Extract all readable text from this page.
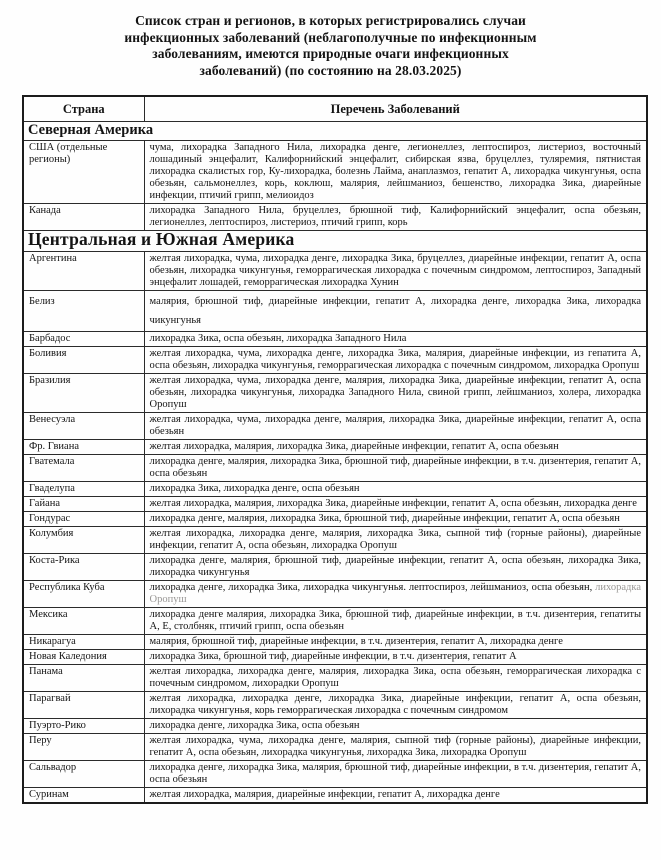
Список стран и регионов, в которых регистрировались случаи
инфекционных заболеваний (неблагополучные по инфекционным
заболеваниям, имеются природные очаги инфекционных
заболеваний) (по состоянию на 28.03.2025)
Страна	Перечень Заболеваний
Северная Америка	
США (отдельные регионы)	чума, лихорадка Западного Нила, лихорадка денге, легионеллез, лептоспироз, листериоз, восточный лошадиный энцефалит, Калифорнийский энцефалит, сибирская язва, бруцеллез, туляремия, пятнистая лихорадка скалистых гор, Ку-лихорадка, болезнь Лайма, анаплазмоз, гепатит А, лихорадка чикунгунья, оспа обезьян, сальмонеллез, корь, коклюш, малярия, лейшманиоз, бешенство, лихорадка Зика, диарейные инфекции, птичий грипп, мелиоидоз
Канада	лихорадка Западного Нила, бруцеллез, брюшной тиф, Калифорнийский энцефалит, оспа обезьян, легионеллез, лептоспироз, листериоз, птичий грипп, корь
Центральная и Южная Америка	
Аргентина	желтая лихорадка, чума, лихорадка денге, лихорадка Зика, бруцеллез, диарейные инфекции, гепатит А, оспа обезьян, лихорадка чикунгунья, геморрагическая лихорадка с почечным синдромом, лептоспироз, Западный энцефалит лошадей, геморрагическая лихорадка Хунин
Белиз	малярия, брюшной тиф, диарейные инфекции, гепатит А, лихорадка денге, лихорадка Зика, лихорадка чикунгунья
Барбадос	лихорадка Зика, оспа обезьян, лихорадка Западного Нила
Боливия	желтая лихорадка, чума, лихорадка денге, лихорадка Зика, малярия, диарейные инфекции, из гепатита А, оспа обезьян, лихорадка чикунгунья, геморрагическая лихорадка с почечным синдромом, лихорадка Оропуш
Бразилия	желтая лихорадка, чума, лихорадка денге, малярия, лихорадка Зика, диарейные инфекции, гепатит А, оспа обезьян, лихорадка чикунгунья, лихорадка Западного Нила, свиной грипп, лейшманиоз, холера, лихорадка Оропуш
Венесуэла	желтая лихорадка, чума, лихорадка денге, малярия, лихорадка Зика, диарейные инфекции, гепатит А, оспа обезьян
Фр. Гвиана	желтая лихорадка, малярия, лихорадка Зика, диарейные инфекции, гепатит А, оспа обезьян
Гватемала	лихорадка денге, малярия, лихорадка Зика, брюшной тиф, диарейные инфекции, в т.ч. дизентерия, гепатит А, оспа обезьян
Гваделупа	лихорадка Зика, лихорадка денге, оспа обезьян
Гайана	желтая лихорадка, малярия, лихорадка Зика, диарейные инфекции, гепатит А, оспа обезьян, лихорадка денге
Гондурас	лихорадка денге, малярия, лихорадка Зика, брюшной тиф, диарейные инфекции, гепатит А, оспа обезьян
Колумбия	желтая лихорадка, лихорадка денге, малярия, лихорадка Зика, сыпной тиф (горные районы), диарейные инфекции, гепатит А, оспа обезьян, лихорадка Оропуш
Коста-Рика	лихорадка денге, малярия, брюшной тиф, диарейные инфекции, гепатит А, оспа обезьян, лихорадка Зика, лихорадка чикунгунья
Республика Куба	лихорадка денге, лихорадка Зика, лихорадка чикунгунья. лептоспироз, лейшманиоз, оспа обезьян, лихорадка Оропуш
Мексика	лихорадка денге малярия, лихорадка Зика, брюшной тиф, диарейные инфекции, в т.ч. дизентерия, гепатиты А, Е, столбняк, птичий грипп, оспа обезьян
Никарагуа	малярия, брюшной тиф, диарейные инфекции, в т.ч. дизентерия, гепатит А, лихорадка денге
Новая Каледония	лихорадка Зика, брюшной тиф, диарейные инфекции, в т.ч. дизентерия, гепатит А
Панама	желтая лихорадка, лихорадка денге, малярия, лихорадка Зика, оспа обезьян, геморрагическая лихорадка с почечным синдромом, лихорадки Оропуш
Парагвай	желтая лихорадка, лихорадка денге, лихорадка Зика, диарейные инфекции, гепатит А, оспа обезьян, лихорадка чикунгунья, корь геморрагическая лихорадка с почечным синдромом
Пуэрто-Рико	лихорадка денге, лихорадка Зика, оспа обезьян
Перу	желтая лихорадка, чума, лихорадка денге, малярия, сыпной тиф (горные районы), диарейные инфекции, гепатит А, оспа обезьян, лихорадка чикунгунья, лихорадка Зика, лихорадка Оропуш
Сальвадор	лихорадка денге, лихорадка Зика, малярия, брюшной тиф, диарейные инфекции, в т.ч. дизентерия, гепатит А, оспа обезьян
Суринам	желтая лихорадка, малярия, диарейные инфекции, гепатит А, лихорадка денге
